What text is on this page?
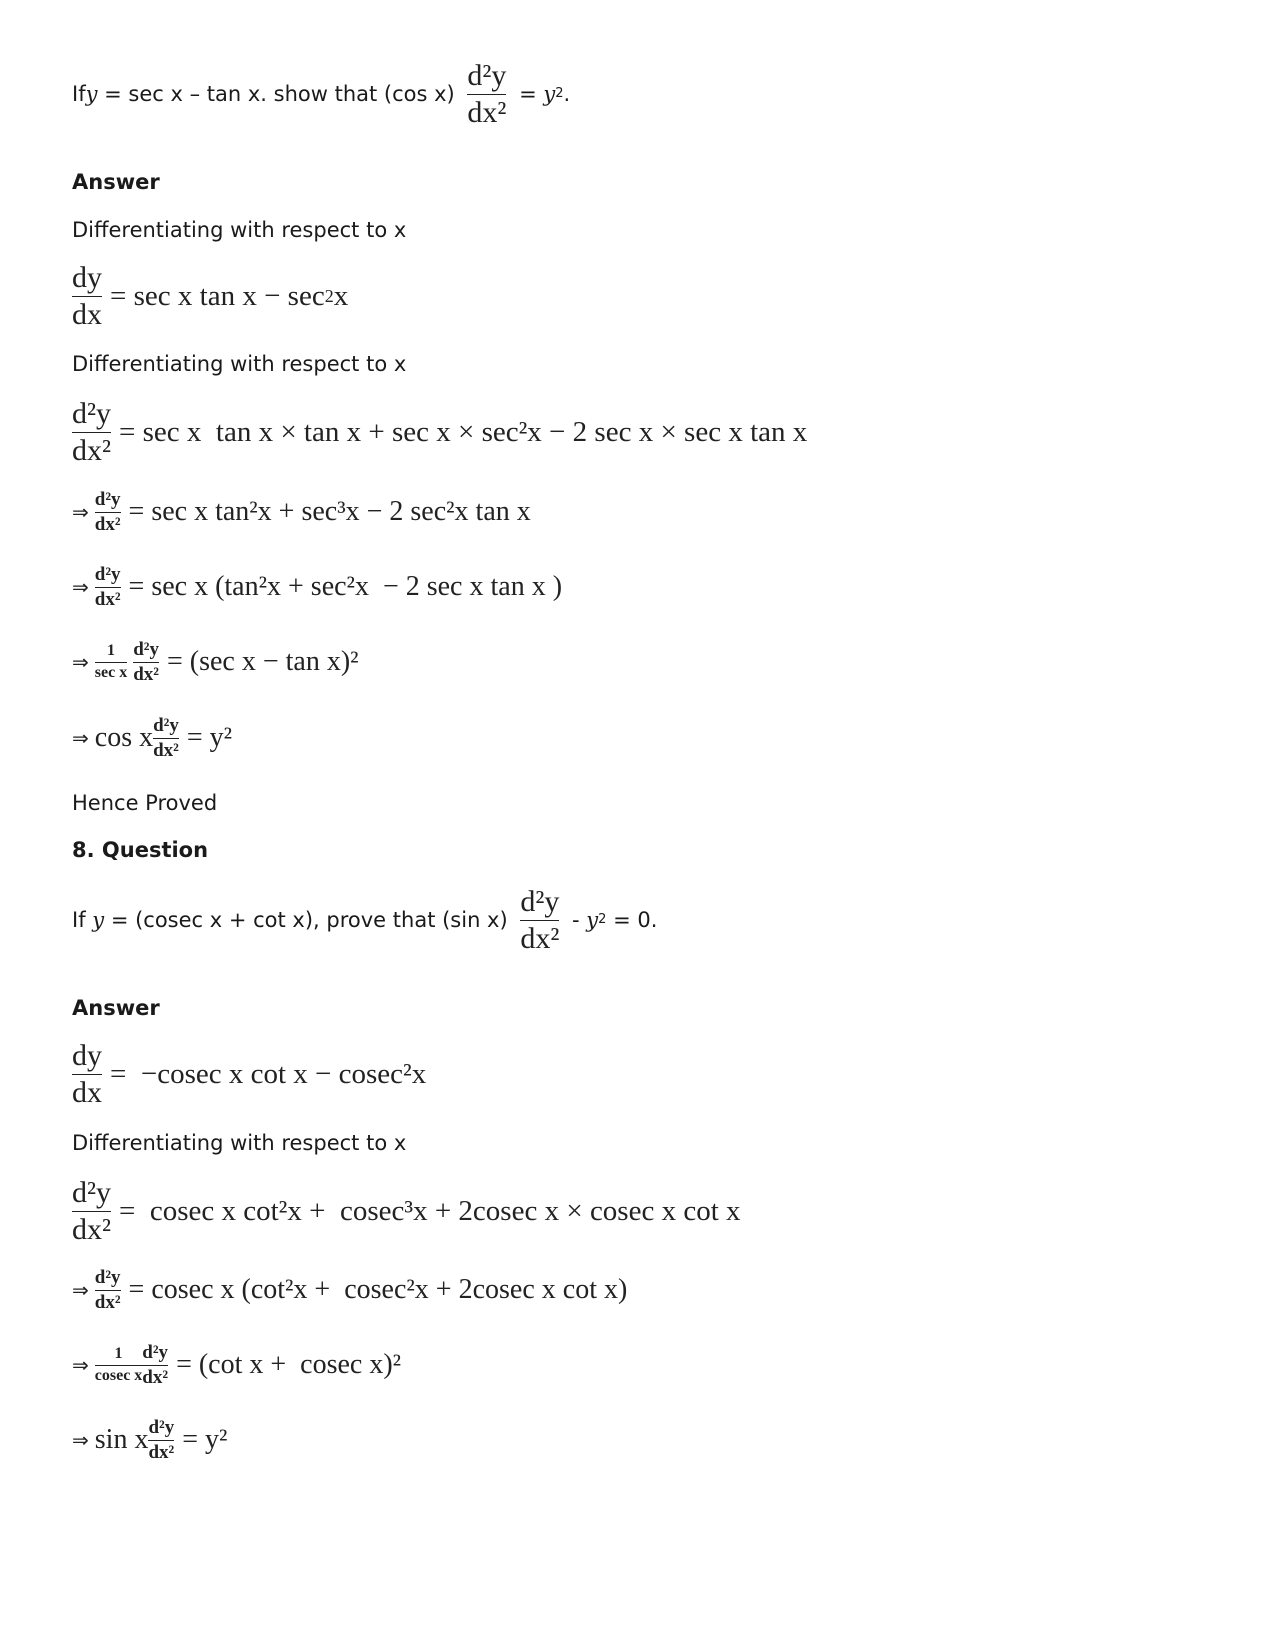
If y = sec x – tan x. show that (cos $x) \frac{\text{d²y}}{\text{dx²}} = y$ 2 .
Answer
Differentiating with respect to x
$\frac{dy}{dx} = \sec x$ tan x − sec 2 x
Differentiating with respect to x
$\frac{\text{d²y}}{\text{dx²}} = \sec x$  tan x × tan x + sec x × sec²x − 2 sec x × sec x tan x
⇒ $\frac{\text{d²y}}{\text{dx²}} = \sec x$ tan²x + sec³x − 2 sec²x tan x
⇒ $\frac{\text{d²y}}{\text{dx²}} = \sec x$ (tan²x + sec²x  − 2 sec x tan x )
⇒ $\frac{1}{\text{sec x}} \frac{\text{d²y}}{\text{dx²}} = (\sec$ x − tan x)²
⇒ cos x $\frac{\text{d²y}}{\text{dx²}} = y^2$
Hence Proved
8. Question
If y = (cosec x + cot x), prove that (sin $x) \frac{\text{d²y}}{\text{dx²}}$ - y 2 = 0.
Answer
$\frac{dy}{dx} = -cosec$ x cot x − cosec²x
Differentiating with respect to x
$\frac{\text{d²y}}{\text{dx²}} = cosec$ x cot²x +  cosec³x + 2cosec x × cosec x cot x
⇒ $\frac{\text{d²y}}{\text{dx²}} = cosec$ x (cot²x +  cosec²x + 2cosec x cot x)
⇒ $\frac{1}{\text{cosec x}} \frac{\text{d²y}}{\text{dx²}} = (\cot$ x +  cosec x)²
⇒ sin x $\frac{\text{d²y}}{\text{dx²}} = y^2$
